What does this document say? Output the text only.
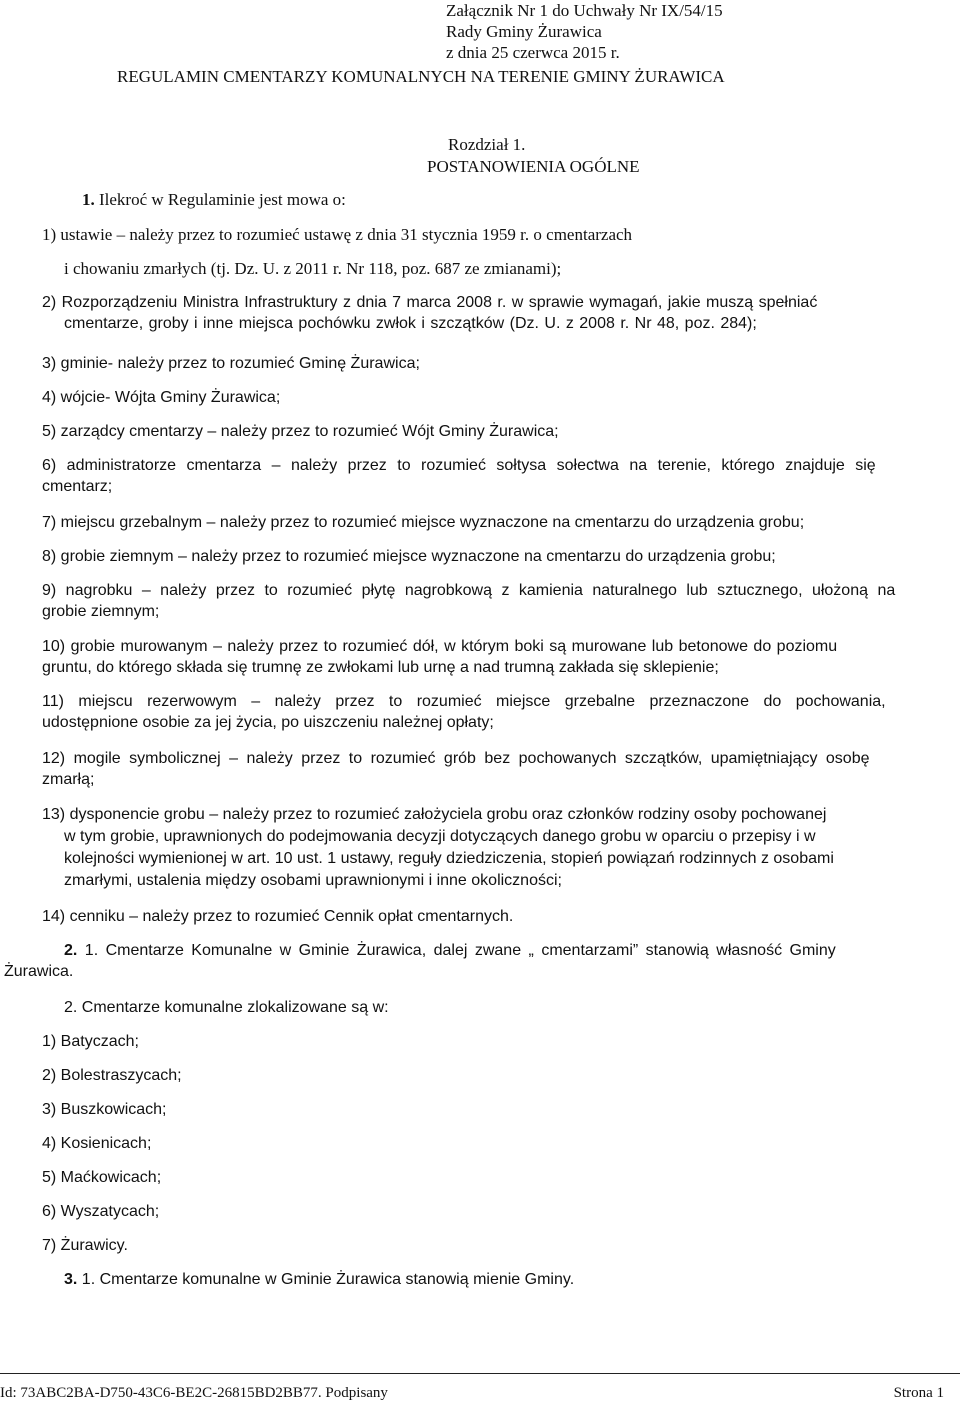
Załącznik Nr 1 do Uchwały Nr IX/54/15
Rady Gminy Żurawica
z dnia 25 czerwca 2015 r.
REGULAMIN CMENTARZY KOMUNALNYCH NA TERENIE GMINY ŻURAWICA
Rozdział 1.
POSTANOWIENIA OGÓLNE
1. Ilekroć w Regulaminie jest mowa o:
1) ustawie – należy przez to rozumieć ustawę z dnia 31 stycznia 1959 r. o cmentarzach
i chowaniu zmarłych (tj. Dz. U. z 2011 r. Nr 118, poz. 687 ze zmianami);
2) Rozporządzeniu Ministra Infrastruktury z dnia 7 marca 2008 r. w sprawie wymagań, jakie muszą spełniać
cmentarze, groby i inne miejsca pochówku zwłok i szczątków (Dz. U. z 2008 r. Nr 48, poz. 284);
3) gminie- należy przez to rozumieć Gminę Żurawica;
4) wójcie- Wójta Gminy Żurawica;
5) zarządcy cmentarzy – należy przez to rozumieć Wójt Gminy Żurawica;
6) administratorze cmentarza – należy przez to rozumieć sołtysa sołectwa na terenie, którego znajduje się
cmentarz;
7) miejscu grzebalnym – należy przez to rozumieć miejsce wyznaczone na cmentarzu do urządzenia grobu;
8) grobie ziemnym – należy przez to rozumieć miejsce wyznaczone na cmentarzu do urządzenia grobu;
9) nagrobku – należy przez to rozumieć płytę nagrobkową z kamienia naturalnego lub sztucznego, ułożoną na
grobie ziemnym;
10) grobie murowanym – należy przez to rozumieć dół, w którym boki są murowane lub betonowe do poziomu
gruntu, do którego składa się trumnę ze zwłokami lub urnę a nad trumną zakłada się sklepienie;
11) miejscu rezerwowym – należy przez to rozumieć miejsce grzebalne przeznaczone do pochowania,
udostępnione osobie za jej życia, po uiszczeniu należnej opłaty;
12) mogile symbolicznej – należy przez to rozumieć grób bez pochowanych szczątków, upamiętniający osobę
zmarłą;
13) dysponencie grobu – należy przez to rozumieć założyciela grobu oraz członków rodziny osoby pochowanej
w tym grobie, uprawnionych do podejmowania decyzji dotyczących danego grobu w oparciu o przepisy i w
kolejności wymienionej w art. 10 ust. 1 ustawy, reguły dziedziczenia, stopień powiązań rodzinnych z osobami
zmarłymi, ustalenia między osobami uprawnionymi i inne okoliczności;
14) cenniku – należy przez to rozumieć Cennik opłat cmentarnych.
2. 1. Cmentarze Komunalne w Gminie Żurawica, dalej zwane „ cmentarzami” stanowią własność Gminy
Żurawica.
2. Cmentarze komunalne zlokalizowane są w:
1) Batyczach;
2) Bolestraszycach;
3) Buszkowicach;
4) Kosienicach;
5) Maćkowicach;
6) Wyszatycach;
7) Żurawicy.
3. 1. Cmentarze komunalne w Gminie Żurawica stanowią mienie Gminy.
Id: 73ABC2BA-D750-43C6-BE2C-26815BD2BB77. Podpisany	Strona 1
